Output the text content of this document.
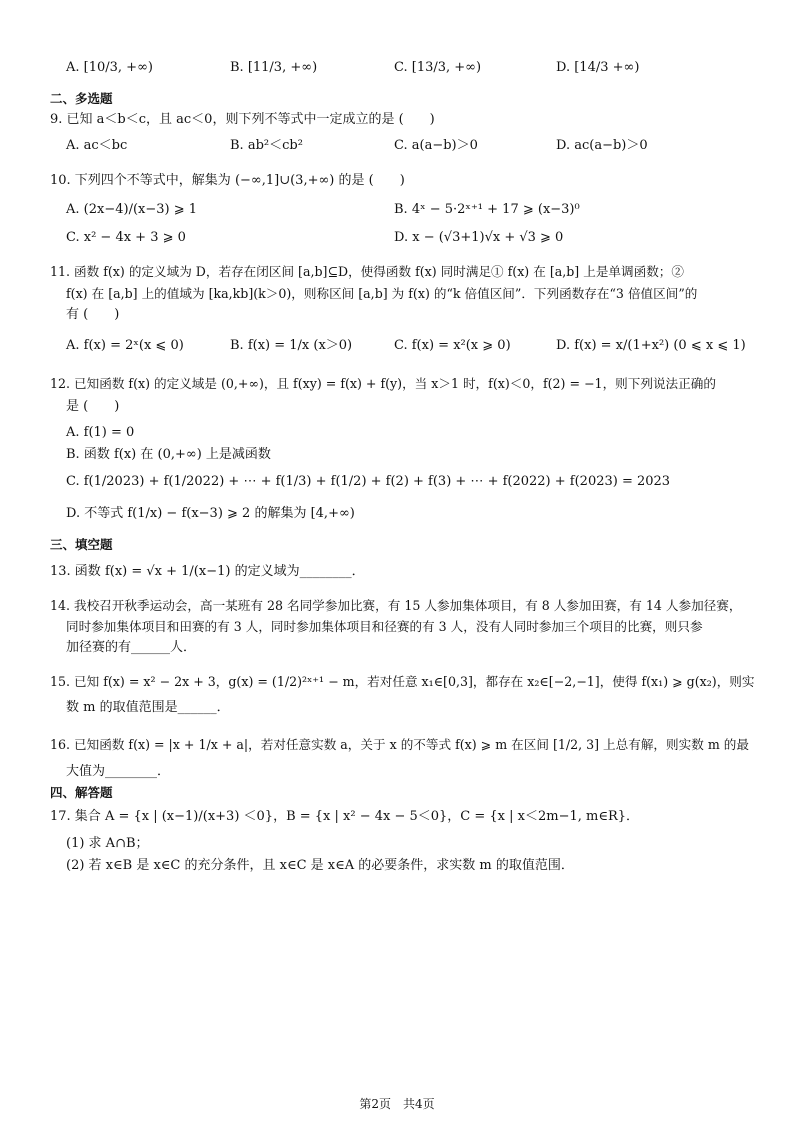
A. [10/3, +∞)	B. [11/3, +∞)	C. [13/3, +∞)	D. [14/3 +∞)
二、多选题
9. 已知 a＜b＜c，且 ac＜0，则下列不等式中一定成立的是 (　　)
A. ac＜bc	B. ab²＜cb²	C. a(a−b)＞0	D. ac(a−b)＞0
10. 下列四个不等式中，解集为 (−∞,1]∪(3,+∞) 的是 (　　)
A. (2x−4)/(x−3) ⩾ 1	B. 4ˣ − 5·2ˣ⁺¹ + 17 ⩾ (x−3)⁰
C. x² − 4x + 3 ⩾ 0	D. x − (√3+1)√x + √3 ⩾ 0
11. 函数 f(x) 的定义域为 D，若存在闭区间 [a,b]⊆D，使得函数 f(x) 同时满足① f(x) 在 [a,b] 上是单调函数；②
f(x) 在 [a,b] 上的值域为 [ka,kb](k＞0)，则称区间 [a,b] 为 f(x) 的“k 倍值区间”．下列函数存在“3 倍值区间”的
有 (　　)
A. f(x) = 2ˣ(x ⩽ 0)	B. f(x) = 1/x (x＞0)	C. f(x) = x²(x ⩾ 0)	D. f(x) = x/(1+x²) (0 ⩽ x ⩽ 1)
12. 已知函数 f(x) 的定义域是 (0,+∞)，且 f(xy) = f(x) + f(y)，当 x＞1 时，f(x)＜0，f(2) = −1，则下列说法正确的
是 (　　)
A. f(1) = 0
B. 函数 f(x) 在 (0,+∞) 上是减函数
C. f(1/2023) + f(1/2022) + ⋯ + f(1/3) + f(1/2) + f(2) + f(3) + ⋯ + f(2022) + f(2023) = 2023
D. 不等式 f(1/x) − f(x−3) ⩾ 2 的解集为 [4,+∞)
三、填空题
13. 函数 f(x) = √x + 1/(x−1) 的定义域为________．
14. 我校召开秋季运动会，高一某班有 28 名同学参加比赛，有 15 人参加集体项目，有 8 人参加田赛，有 14 人参加径赛，
同时参加集体项目和田赛的有 3 人，同时参加集体项目和径赛的有 3 人，没有人同时参加三个项目的比赛，则只参
加径赛的有______人．
15. 已知 f(x) = x² − 2x + 3，g(x) = (1/2)²ˣ⁺¹ − m，若对任意 x₁∈[0,3]，都存在 x₂∈[−2,−1]，使得 f(x₁) ⩾ g(x₂)，则实
数 m 的取值范围是______．
16. 已知函数 f(x) = |x + 1/x + a|，若对任意实数 a，关于 x 的不等式 f(x) ⩾ m 在区间 [1/2, 3] 上总有解，则实数 m 的最
大值为________．
四、解答题
17. 集合 A = {x | (x−1)/(x+3) ＜0}，B = {x | x² − 4x − 5＜0}，C = {x | x＜2m−1, m∈R}．
(1) 求 A∩B；
(2) 若 x∈B 是 x∈C 的充分条件，且 x∈C 是 x∈A 的必要条件，求实数 m 的取值范围．
第2页　共4页
